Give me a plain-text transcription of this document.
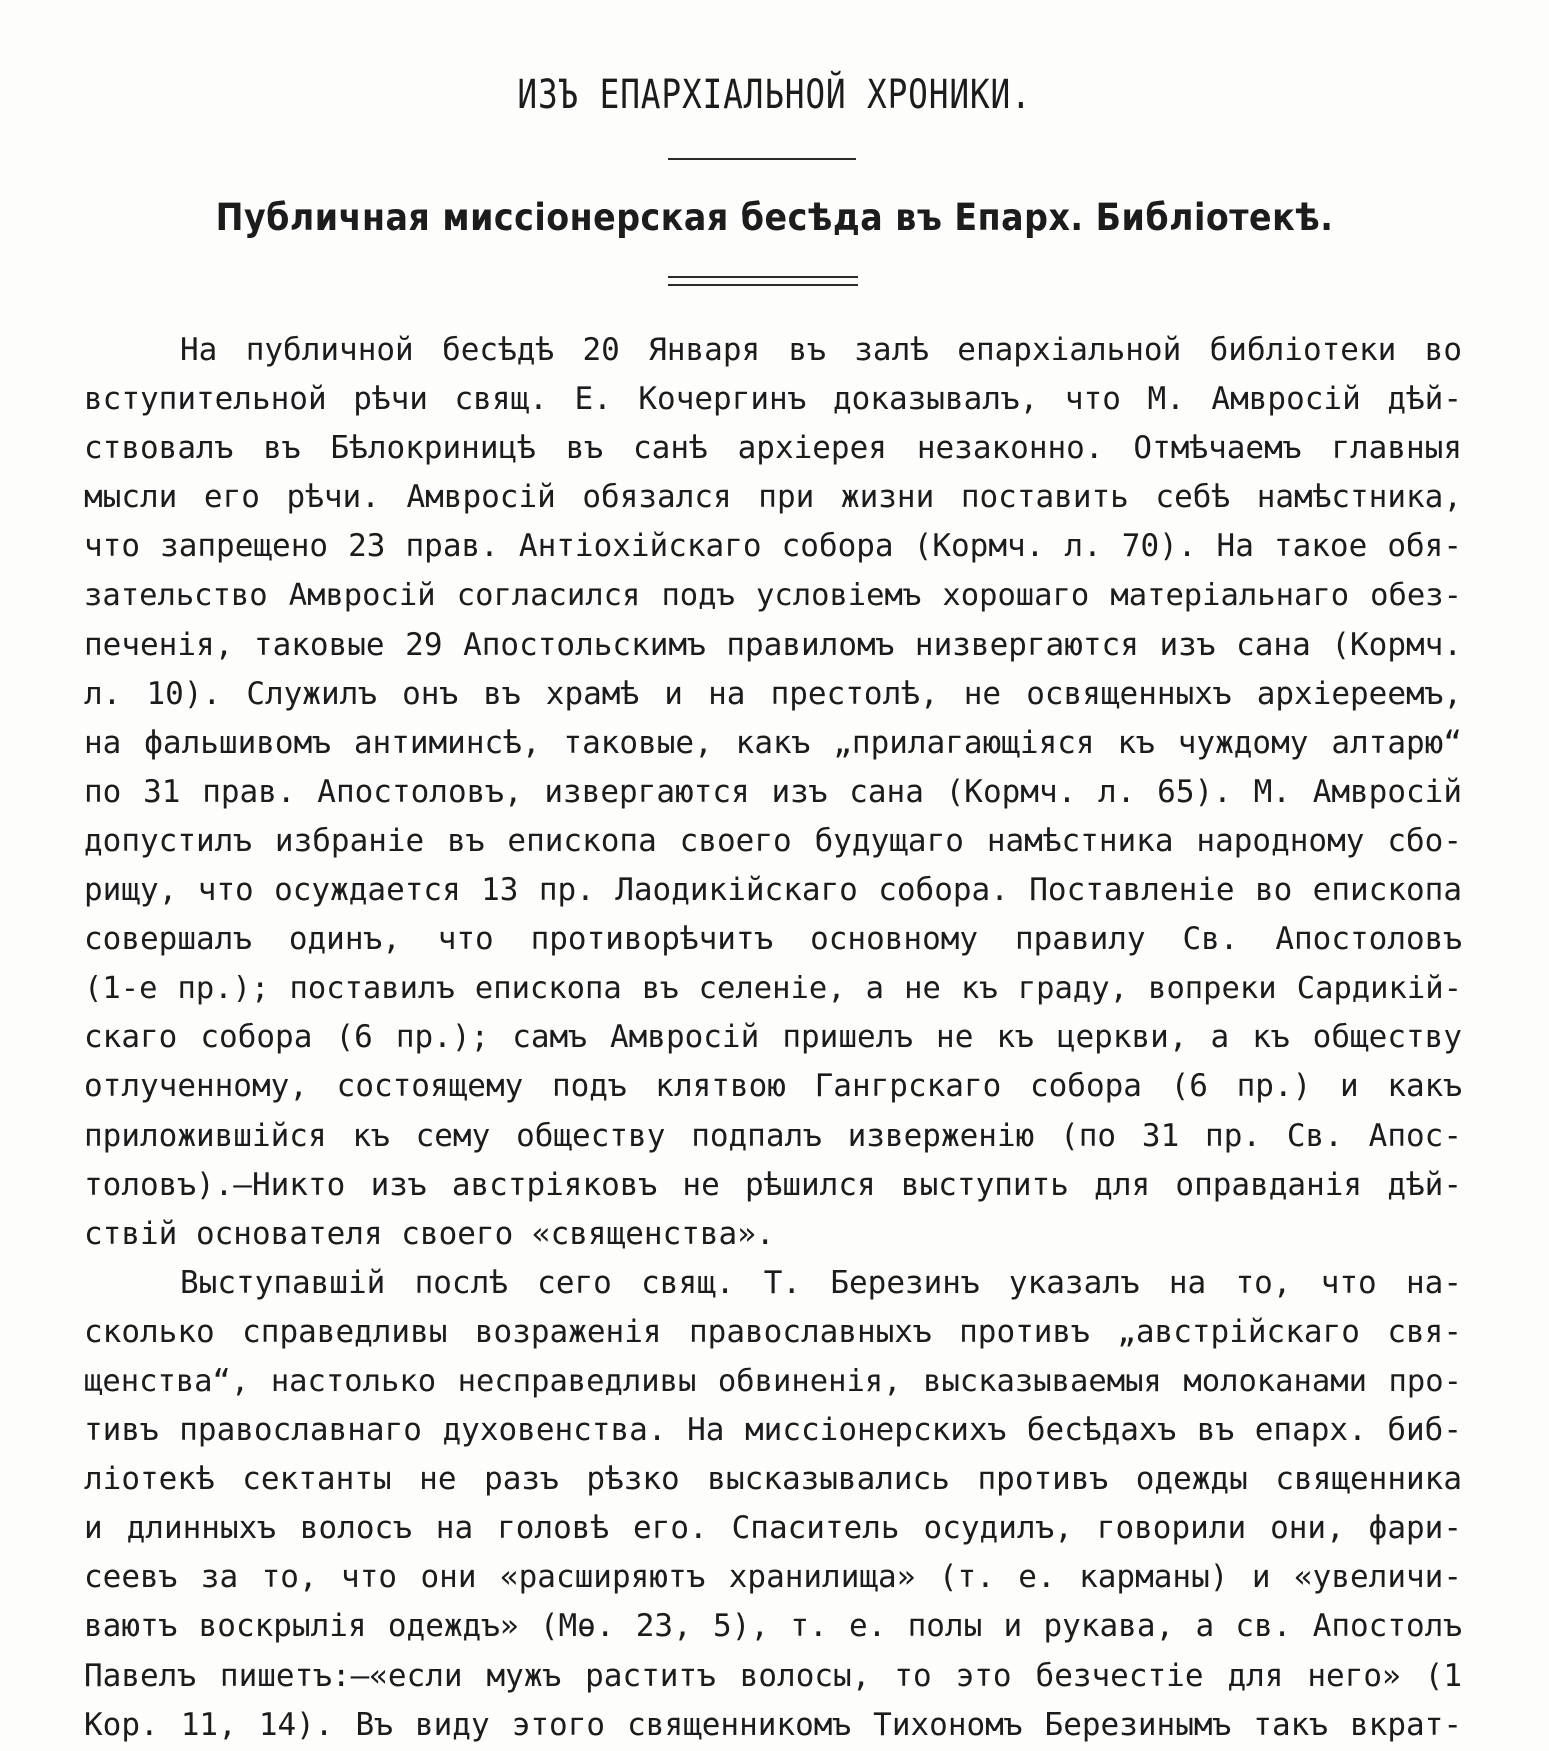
ИЗЪ ЕПАРХІАЛЬНОЙ ХРОНИКИ.
Публичная миссіонерская бесѣда въ Епарх. Библіотекѣ.
На публичной бесѣдѣ 20 Января въ залѣ епархіальной библіотеки во
вступительной рѣчи свящ. Е. Кочергинъ доказывалъ, что М. Амвросій дѣй-
ствовалъ въ Бѣлокриницѣ въ санѣ архіерея незаконно. Отмѣчаемъ главныя
мысли его рѣчи. Амвросій обязался при жизни поставить себѣ намѣстника,
что запрещено 23 прав. Антіохійскаго собора (Кормч. л. 70). На такое обя-
зательство Амвросій согласился подъ условіемъ хорошаго матеріальнаго обез-
печенія, таковые 29 Апостольскимъ правиломъ низвергаются изъ сана (Кормч.
л. 10). Служилъ онъ въ храмѣ и на престолѣ, не освященныхъ архіереемъ,
на фальшивомъ антиминсѣ, таковые, какъ „прилагающіяся къ чуждому алтарю“
по 31 прав. Апостоловъ, извергаются изъ сана (Кормч. л. 65). М. Амвросій
допустилъ избраніе въ епископа своего будущаго намѣстника народному сбо-
рищу, что осуждается 13 пр. Лаодикійскаго собора. Поставленіе во епископа
совершалъ одинъ, что противорѣчитъ основному правилу Св. Апостоловъ
(1-е пр.); поставилъ епископа въ селеніе, а не къ граду, вопреки Сардикій-
скаго собора (6 пр.); самъ Амвросій пришелъ не къ церкви, а къ обществу
отлученному, состоящему подъ клятвою Гангрскаго собора (6 пр.) и какъ
приложившійся къ сему обществу подпалъ изверженію (по 31 пр. Св. Апос-
толовъ).—Никто изъ австріяковъ не рѣшился выступить для оправданія дѣй-
ствій основателя своего «священства».
Выступавшій послѣ сего свящ. Т. Березинъ указалъ на то, что на-
сколько справедливы возраженія православныхъ противъ „австрійскаго свя-
щенства“, настолько несправедливы обвиненія, высказываемыя молоканами про-
тивъ православнаго духовенства. На миссіонерскихъ бесѣдахъ въ епарх. биб-
ліотекѣ сектанты не разъ рѣзко высказывались противъ одежды священника
и длинныхъ волосъ на головѣ его. Спаситель осудилъ, говорили они, фари-
сеевъ за то, что они «расширяютъ хранилища» (т. е. карманы) и «увеличи-
ваютъ воскрылія одеждъ» (Мѳ. 23, 5), т. е. полы и рукава, а св. Апостолъ
Павелъ пишетъ:—«если мужъ раститъ волосы, то это безчестіе для него» (1
Кор. 11, 14). Въ виду этого священникомъ Тихономъ Березинымъ такъ вкрат-
